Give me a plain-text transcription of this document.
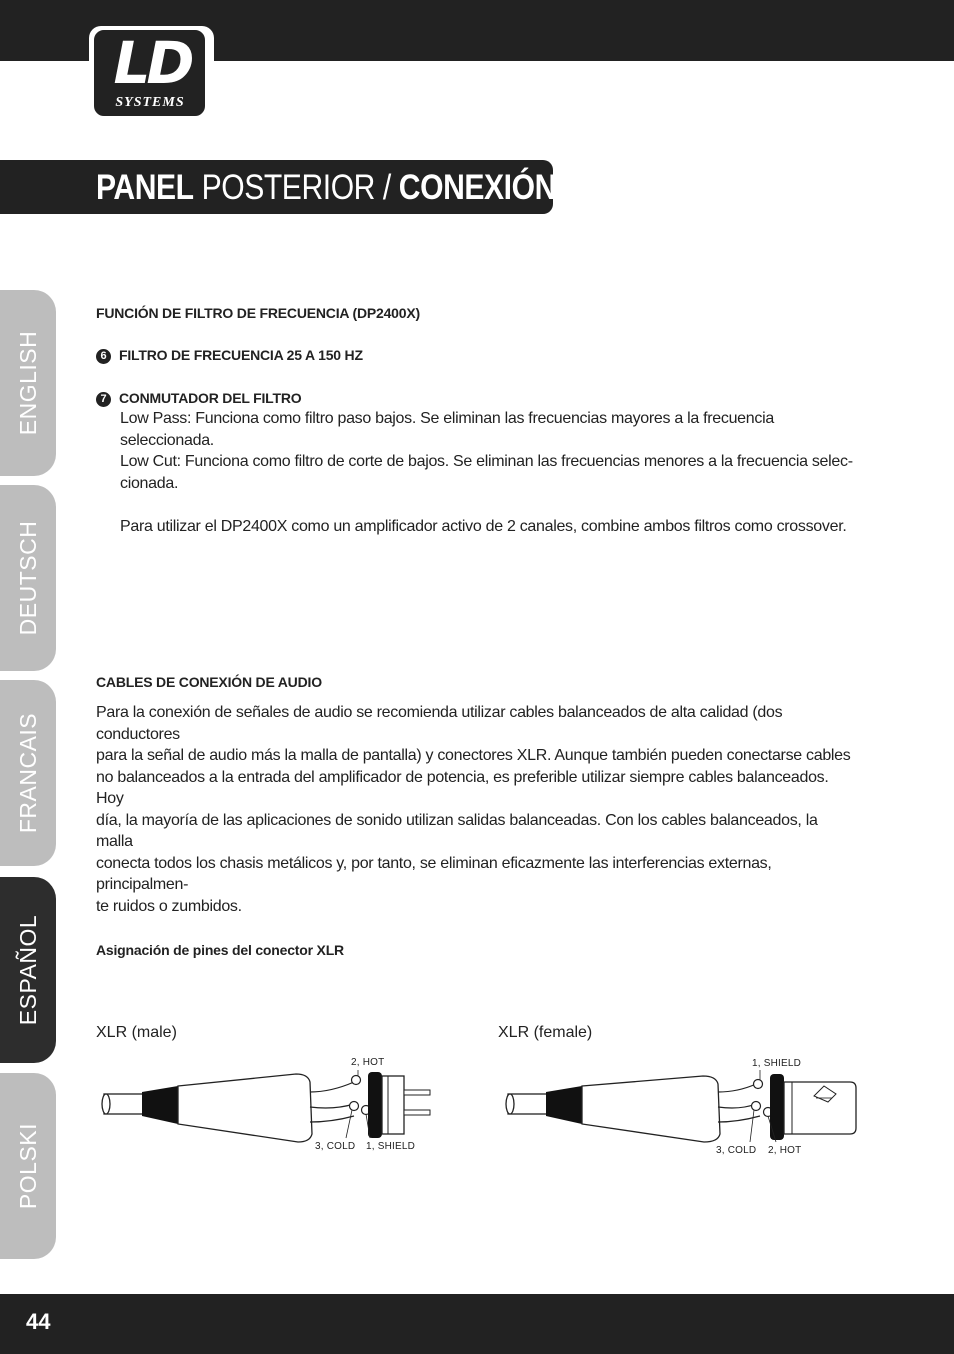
LD
SYSTEMS
PANEL POSTERIOR / CONEXIÓN:
ENGLISH
DEUTSCH
FRANCAIS
ESPAÑOL
POLSKI
FUNCIÓN DE FILTRO DE FRECUENCIA (DP2400X)
6 FILTRO DE FRECUENCIA 25 A 150 HZ
7 CONMUTADOR DEL FILTRO
Low Pass: Funciona como filtro paso bajos. Se eliminan las frecuencias mayores a la frecuencia seleccionada.
Low Cut: Funciona como filtro de corte de bajos. Se eliminan las frecuencias menores a la frecuencia selec-
cionada.
Para utilizar el DP2400X como un amplificador activo de 2 canales, combine ambos filtros como crossover.
CABLES DE CONEXIÓN DE AUDIO
Para la conexión de señales de audio se recomienda utilizar cables balanceados de alta calidad (dos conductores
para la señal de audio más la malla de pantalla) y conectores XLR. Aunque también pueden conectarse cables
no balanceados a la entrada del amplificador de potencia, es preferible utilizar siempre cables balanceados. Hoy
día, la mayoría de las aplicaciones de sonido utilizan salidas balanceadas. Con los cables balanceados, la malla
conecta todos los chasis metálicos y, por tanto, se eliminan eficazmente las interferencias externas, principalmen-
te ruidos o zumbidos.
Asignación de pines del conector XLR
XLR (male)	XLR (female)
2, HOT
3, COLD 1, SHIELD
1, SHIELD
3, COLD 2, HOT
44
